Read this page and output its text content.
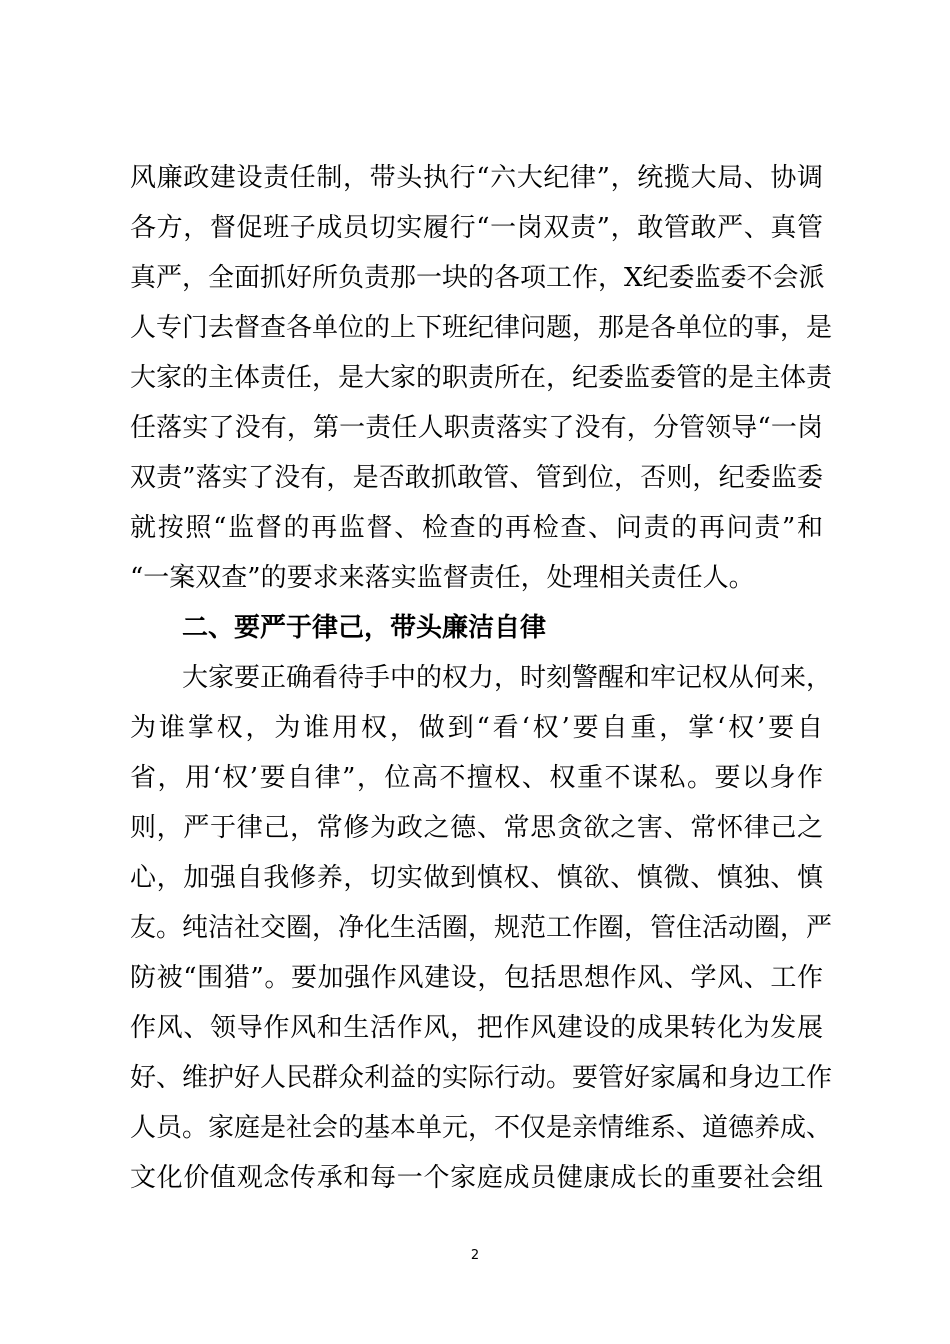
风廉政建设责任制，带头执行“六大纪律”，统揽大局、协调
各方，督促班子成员切实履行“一岗双责”，敢管敢严、真管
真严，全面抓好所负责那一块的各项工作，X纪委监委不会派
人专门去督查各单位的上下班纪律问题，那是各单位的事，是
大家的主体责任，是大家的职责所在，纪委监委管的是主体责
任落实了没有，第一责任人职责落实了没有，分管领导“一岗
双责”落实了没有，是否敢抓敢管、管到位，否则，纪委监委
就按照“监督的再监督、检查的再检查、问责的再问责”和
“一案双查”的要求来落实监督责任，处理相关责任人。
二、要严于律己，带头廉洁自律
大家要正确看待手中的权力，时刻警醒和牢记权从何来，
为谁掌权，为谁用权，做到“看‘权’要自重，掌‘权’要自
省，用‘权’要自律”，位高不擅权、权重不谋私。要以身作
则，严于律己，常修为政之德、常思贪欲之害、常怀律己之
心，加强自我修养，切实做到慎权、慎欲、慎微、慎独、慎
友。纯洁社交圈，净化生活圈，规范工作圈，管住活动圈，严
防被“围猎”。要加强作风建设，包括思想作风、学风、工作
作风、领导作风和生活作风，把作风建设的成果转化为发展
好、维护好人民群众利益的实际行动。要管好家属和身边工作
人员。家庭是社会的基本单元，不仅是亲情维系、道德养成、
文化价值观念传承和每一个家庭成员健康成长的重要社会组
2
